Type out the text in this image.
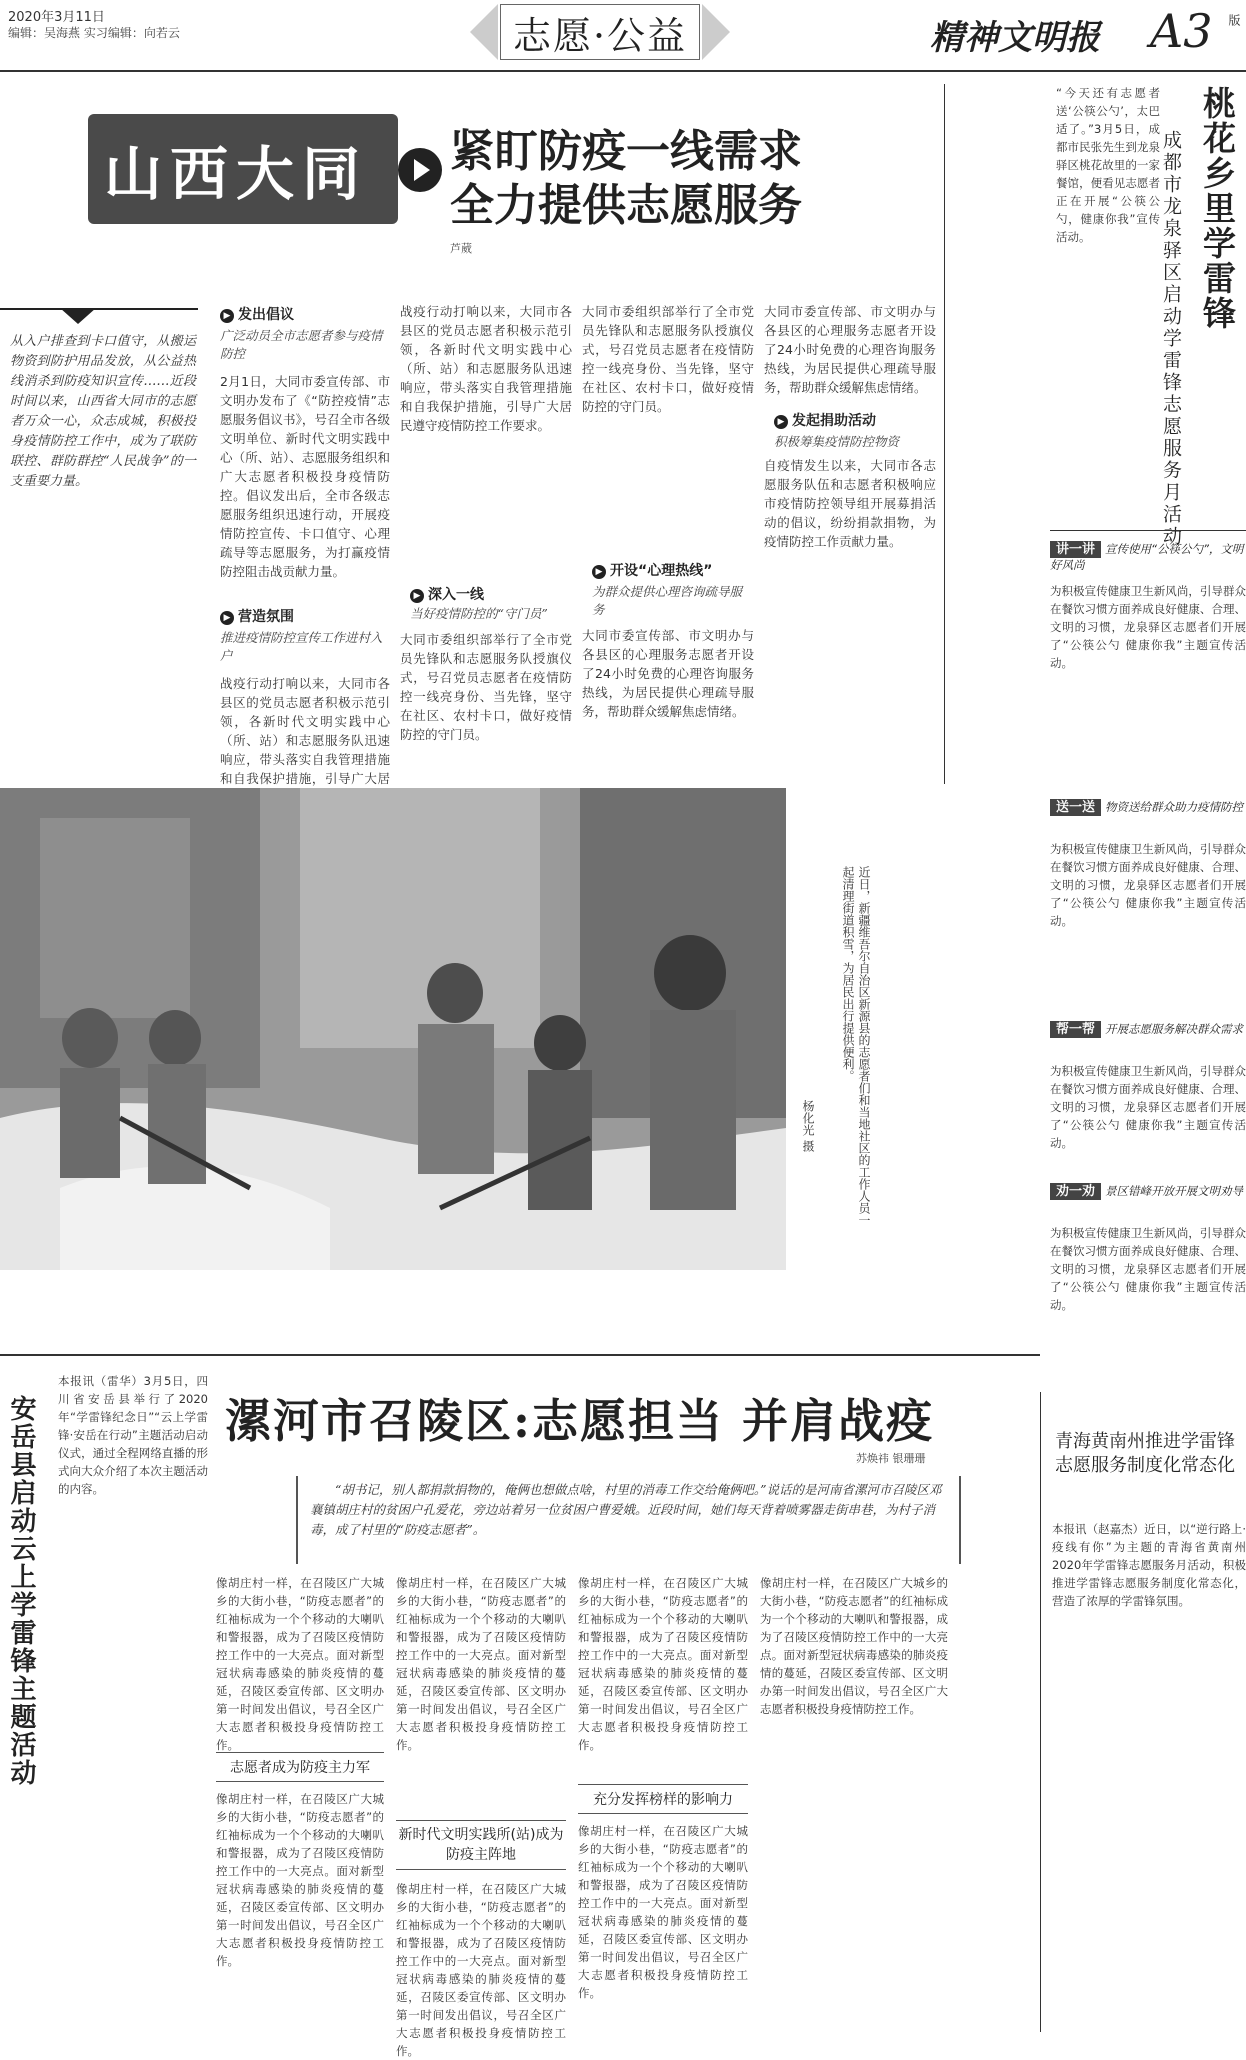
2020年3月11日
编辑：吴海燕 实习编辑：向若云	志愿·公益	精神文明报 A3 版
山西大同	紧盯防疫一线需求
全力提供志愿服务
芦葳
从入户排查到卡口值守，从搬运物资到防护用品发放，从公益热线消杀到防疫知识宣传……近段时间以来，山西省大同市的志愿者万众一心，众志成城，积极投身疫情防控工作中，成为了联防联控、群防群控“人民战争”的一支重要力量。
▶ 发出倡议
广泛动员全市志愿者参与疫情防控
2月1日，大同市委宣传部、市文明办发布了《“防控疫情”志愿服务倡议书》，号召全市各级文明单位、新时代文明实践中心（所、站）、志愿服务组织和广大志愿者积极投身疫情防控。倡议发出后，全市各级志愿服务组织迅速行动，开展疫情防控宣传、卡口值守、心理疏导等志愿服务，为打赢疫情防控阻击战贡献力量。
▶ 营造氛围
推进疫情防控宣传工作进村入户
战疫行动打响以来，大同市各县区的党员志愿者积极示范引领，各新时代文明实践中心（所、站）和志愿服务队迅速响应，带头落实自我管理措施和自我保护措施，引导广大居
战疫行动打响以来，大同市各县区的党员志愿者积极示范引领，各新时代文明实践中心（所、站）和志愿服务队迅速响应，带头落实自我管理措施和自我保护措施，引导广大居民遵守疫情防控工作要求。
▶ 深入一线
当好疫情防控的“守门员”
大同市委组织部举行了全市党员先锋队和志愿服务队授旗仪式，号召党员志愿者在疫情防控一线亮身份、当先锋，坚守在社区、农村卡口，做好疫情防控的守门员。
大同市委组织部举行了全市党员先锋队和志愿服务队授旗仪式，号召党员志愿者在疫情防控一线亮身份、当先锋，坚守在社区、农村卡口，做好疫情防控的守门员。
▶ 开设“心理热线”
为群众提供心理咨询疏导服务
大同市委宣传部、市文明办与各县区的心理服务志愿者开设了24小时免费的心理咨询服务热线，为居民提供心理疏导服务，帮助群众缓解焦虑情绪。
大同市委宣传部、市文明办与各县区的心理服务志愿者开设了24小时免费的心理咨询服务热线，为居民提供心理疏导服务，帮助群众缓解焦虑情绪。
▶ 发起捐助活动
积极筹集疫情防控物资
自疫情发生以来，大同市各志愿服务队伍和志愿者积极响应市疫情防控领导组开展募捐活动的倡议，纷纷捐款捐物，为疫情防控工作贡献力量。
桃花乡里学雷锋
成都市龙泉驿区启动学雷锋志愿服务月活动
“今天还有志愿者送‘公筷公勺’，太巴适了。”3月5日，成都市民张先生到龙泉驿区桃花故里的一家餐馆，便看见志愿者正在开展“公筷公勺，健康你我”宣传活动。
讲一讲 宣传使用“公筷公勺”，文明好风尚
为积极宣传健康卫生新风尚，引导群众在餐饮习惯方面养成良好健康、合理、文明的习惯，龙泉驿区志愿者们开展了“公筷公勺 健康你我”主题宣传活动。
送一送 物资送给群众助力疫情防控
为积极宣传健康卫生新风尚，引导群众在餐饮习惯方面养成良好健康、合理、文明的习惯，龙泉驿区志愿者们开展了“公筷公勺 健康你我”主题宣传活动。
帮一帮 开展志愿服务解决群众需求
为积极宣传健康卫生新风尚，引导群众在餐饮习惯方面养成良好健康、合理、文明的习惯，龙泉驿区志愿者们开展了“公筷公勺 健康你我”主题宣传活动。
劝一劝 景区错峰开放开展文明劝导
为积极宣传健康卫生新风尚，引导群众在餐饮习惯方面养成良好健康、合理、文明的习惯，龙泉驿区志愿者们开展了“公筷公勺 健康你我”主题宣传活动。
杨化光 摄	近日，新疆维吾尔自治区新源县的志愿者们和当地社区的工作人员一起清理街道积雪，为居民出行提供便利。
安岳县启动云上学雷锋主题活动
本报讯（雷华）3月5日，四川省安岳县举行了2020年“学雷锋纪念日”“云上学雷锋·安岳在行动”主题活动启动仪式，通过全程网络直播的形式向大众介绍了本次主题活动的内容。
漯河市召陵区:志愿担当 并肩战疫
苏焕祎 银珊珊
“胡书记，别人都捐款捐物的，俺俩也想做点啥，村里的消毒工作交给俺俩吧。”说话的是河南省漯河市召陵区邓襄镇胡庄村的贫困户孔爱花，旁边站着另一位贫困户曹爱娥。近段时间，她们每天背着喷雾器走街串巷，为村子消毒，成了村里的“防疫志愿者”。
像胡庄村一样，在召陵区广大城乡的大街小巷，“防疫志愿者”的红袖标成为一个个移动的大喇叭和警报器，成为了召陵区疫情防控工作中的一大亮点。面对新型冠状病毒感染的肺炎疫情的蔓延，召陵区委宣传部、区文明办第一时间发出倡议，号召全区广大志愿者积极投身疫情防控工作。
志愿者成为防疫主力军
像胡庄村一样，在召陵区广大城乡的大街小巷，“防疫志愿者”的红袖标成为一个个移动的大喇叭和警报器，成为了召陵区疫情防控工作中的一大亮点。面对新型冠状病毒感染的肺炎疫情的蔓延，召陵区委宣传部、区文明办第一时间发出倡议，号召全区广大志愿者积极投身疫情防控工作。
像胡庄村一样，在召陵区广大城乡的大街小巷，“防疫志愿者”的红袖标成为一个个移动的大喇叭和警报器，成为了召陵区疫情防控工作中的一大亮点。面对新型冠状病毒感染的肺炎疫情的蔓延，召陵区委宣传部、区文明办第一时间发出倡议，号召全区广大志愿者积极投身疫情防控工作。
新时代文明实践所(站)成为防疫主阵地
像胡庄村一样，在召陵区广大城乡的大街小巷，“防疫志愿者”的红袖标成为一个个移动的大喇叭和警报器，成为了召陵区疫情防控工作中的一大亮点。面对新型冠状病毒感染的肺炎疫情的蔓延，召陵区委宣传部、区文明办第一时间发出倡议，号召全区广大志愿者积极投身疫情防控工作。
像胡庄村一样，在召陵区广大城乡的大街小巷，“防疫志愿者”的红袖标成为一个个移动的大喇叭和警报器，成为了召陵区疫情防控工作中的一大亮点。面对新型冠状病毒感染的肺炎疫情的蔓延，召陵区委宣传部、区文明办第一时间发出倡议，号召全区广大志愿者积极投身疫情防控工作。
充分发挥榜样的影响力
像胡庄村一样，在召陵区广大城乡的大街小巷，“防疫志愿者”的红袖标成为一个个移动的大喇叭和警报器，成为了召陵区疫情防控工作中的一大亮点。面对新型冠状病毒感染的肺炎疫情的蔓延，召陵区委宣传部、区文明办第一时间发出倡议，号召全区广大志愿者积极投身疫情防控工作。
像胡庄村一样，在召陵区广大城乡的大街小巷，“防疫志愿者”的红袖标成为一个个移动的大喇叭和警报器，成为了召陵区疫情防控工作中的一大亮点。面对新型冠状病毒感染的肺炎疫情的蔓延，召陵区委宣传部、区文明办第一时间发出倡议，号召全区广大志愿者积极投身疫情防控工作。
青海黄南州推进学雷锋志愿服务制度化常态化
本报讯（赵嘉杰）近日，以“逆行路上·疫线有你”为主题的青海省黄南州2020年学雷锋志愿服务月活动，积极推进学雷锋志愿服务制度化常态化，营造了浓厚的学雷锋氛围。
